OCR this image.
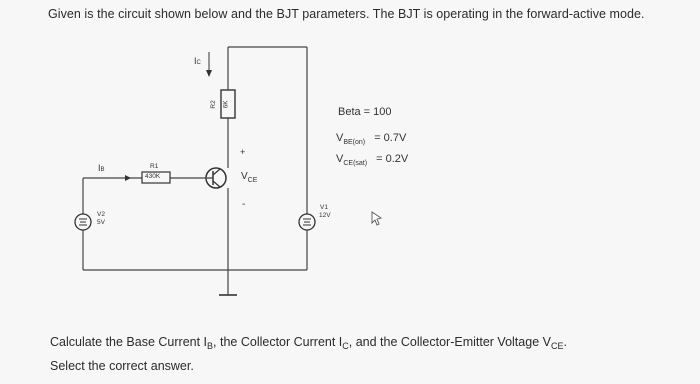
Given is the circuit shown below and the BJT parameters. The BJT is operating in the forward-active mode.
IC
IB
R2 6K
R1
430K
V2
5V
V1
12V
+
-
$V_{CE}$
Beta = 100
$V_{BE(on)} = 0.7V$
$V_{CE(sat)} = 0.2V$
Calculate the Base Current $I_B$, the Collector Current $I_C$, and the Collector-Emitter Voltage $V_{CE}$.
Select the correct answer.
